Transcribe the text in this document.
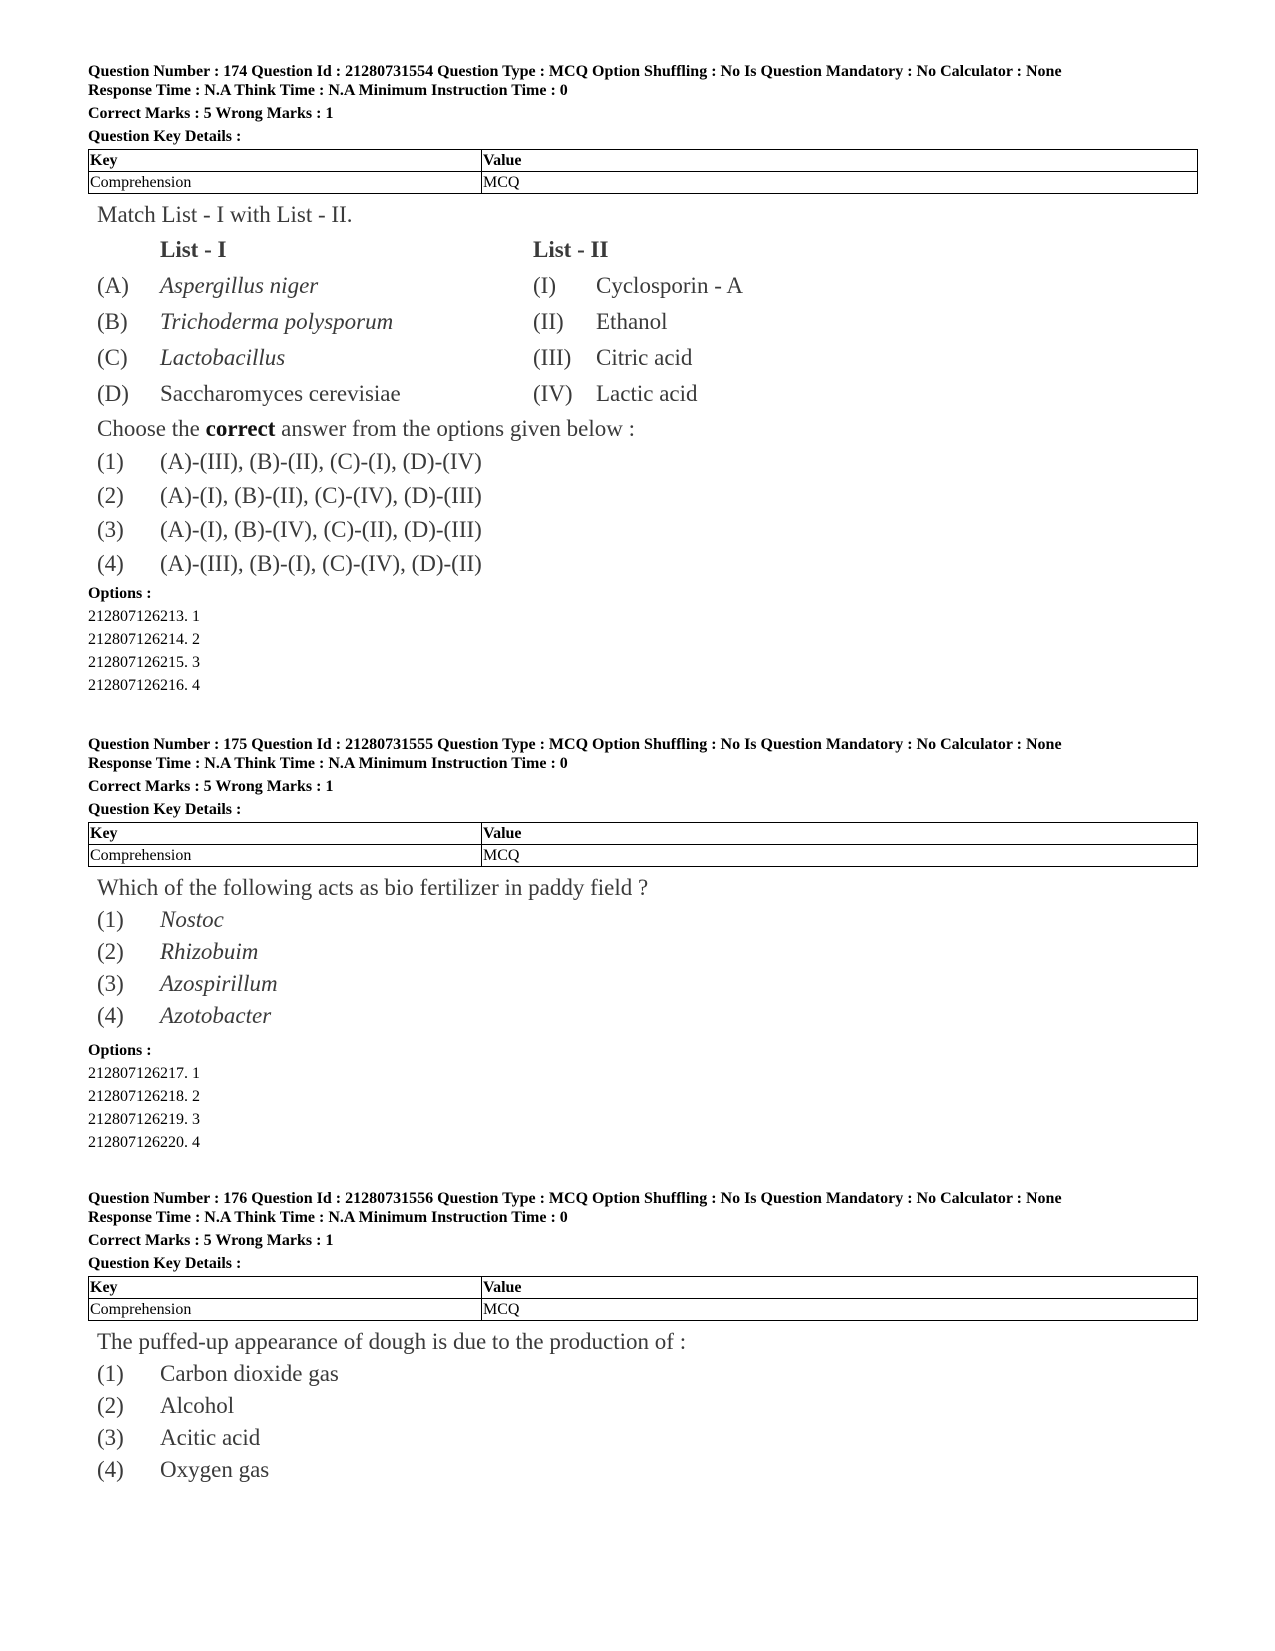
Question Number : 174 Question Id : 21280731554 Question Type : MCQ Option Shuffling : No Is Question Mandatory : No Calculator : None
Response Time : N.A Think Time : N.A Minimum Instruction Time : 0
Correct Marks : 5 Wrong Marks : 1
Question Key Details :
Key	Value
Comprehension	MCQ
Match List - I with List - II.
List - I	List - II
(A)	Aspergillus niger	(I)	Cyclosporin - A
(B)	Trichoderma polysporum	(II)	Ethanol
(C)	Lactobacillus	(III)	Citric acid
(D)	Saccharomyces cerevisiae	(IV)	Lactic acid
Choose the correct answer from the options given below :
(1)	(A)-(III), (B)-(II), (C)-(I), (D)-(IV)
(2)	(A)-(I), (B)-(II), (C)-(IV), (D)-(III)
(3)	(A)-(I), (B)-(IV), (C)-(II), (D)-(III)
(4)	(A)-(III), (B)-(I), (C)-(IV), (D)-(II)
Options :
212807126213. 1
212807126214. 2
212807126215. 3
212807126216. 4
Question Number : 175 Question Id : 21280731555 Question Type : MCQ Option Shuffling : No Is Question Mandatory : No Calculator : None
Response Time : N.A Think Time : N.A Minimum Instruction Time : 0
Correct Marks : 5 Wrong Marks : 1
Question Key Details :
Key	Value
Comprehension	MCQ
Which of the following acts as bio fertilizer in paddy field ?
(1)	Nostoc
(2)	Rhizobuim
(3)	Azospirillum
(4)	Azotobacter
Options :
212807126217. 1
212807126218. 2
212807126219. 3
212807126220. 4
Question Number : 176 Question Id : 21280731556 Question Type : MCQ Option Shuffling : No Is Question Mandatory : No Calculator : None
Response Time : N.A Think Time : N.A Minimum Instruction Time : 0
Correct Marks : 5 Wrong Marks : 1
Question Key Details :
Key	Value
Comprehension	MCQ
The puffed-up appearance of dough is due to the production of :
(1)	Carbon dioxide gas
(2)	Alcohol
(3)	Acitic acid
(4)	Oxygen gas
